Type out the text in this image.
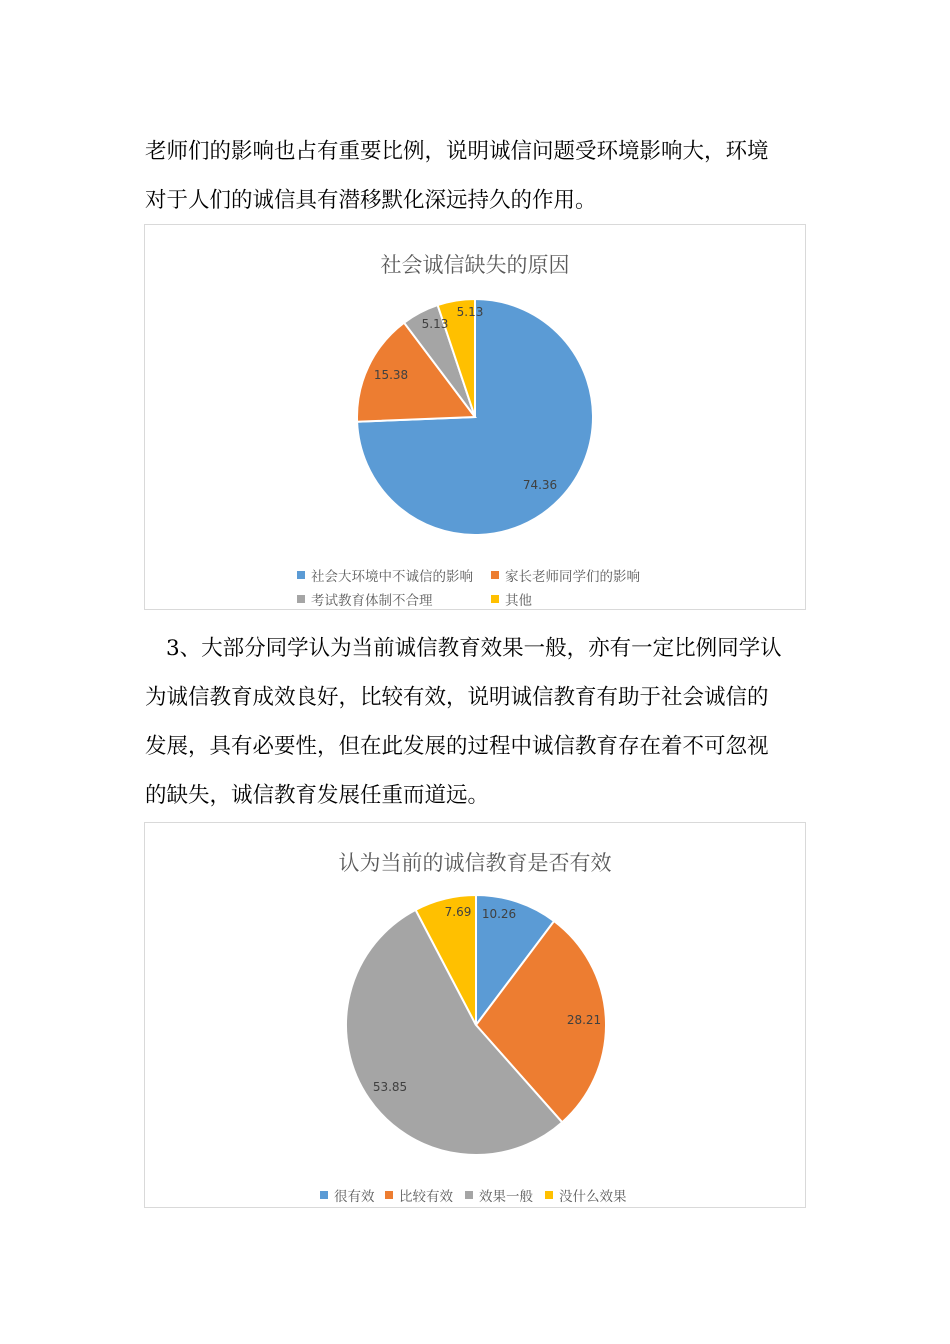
老师们的影响也占有重要比例，说明诚信问题受环境影响大，环境
对于人们的诚信具有潜移默化深远持久的作用。
社会诚信缺失的原因
74.36
15.38
5.13
5.13
社会大环境中不诚信的影响 家长老师同学们的影响
考试教育体制不合理	其他
3、大部分同学认为当前诚信教育效果一般，亦有一定比例同学认
为诚信教育成效良好，比较有效，说明诚信教育有助于社会诚信的
发展，具有必要性，但在此发展的过程中诚信教育存在着不可忽视
的缺失，诚信教育发展任重而道远。
认为当前的诚信教育是否有效
10.26
28.21
53.85
7.69
很有效 比较有效 效果一般 没什么效果
